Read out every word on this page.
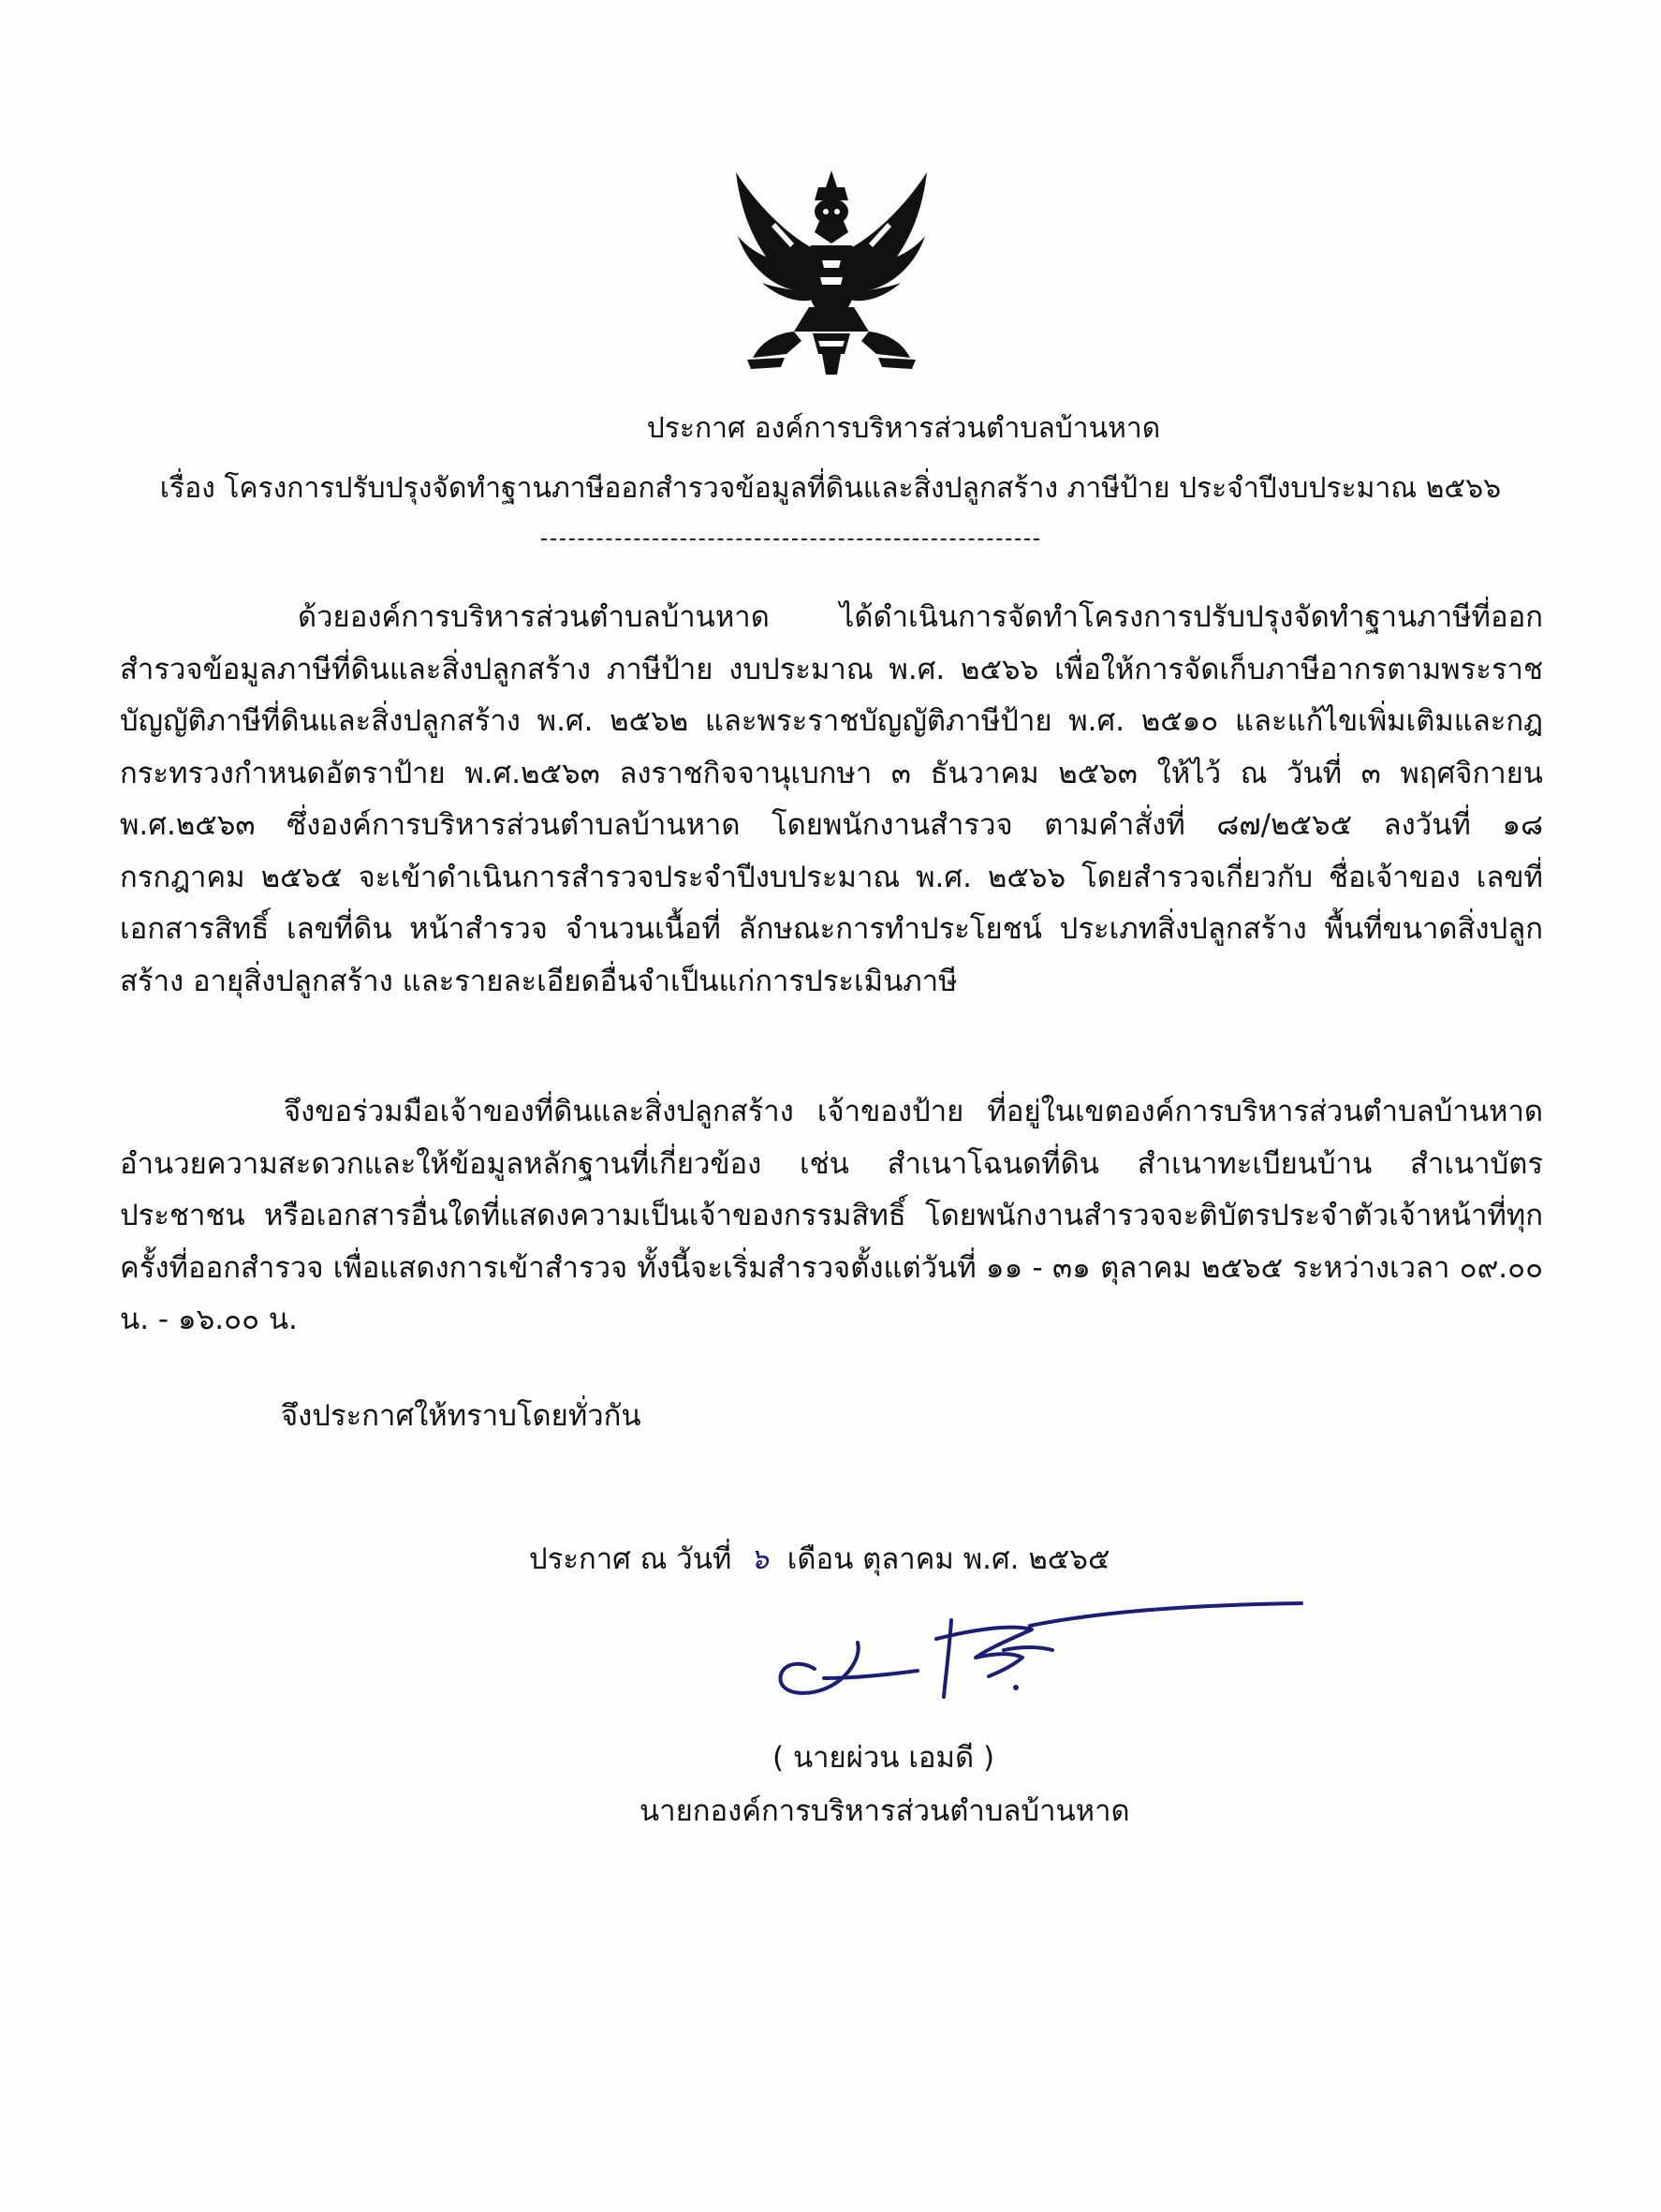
ประกาศ องค์การบริหารส่วนตำบลบ้านหาด
เรื่อง โครงการปรับปรุงจัดทำฐานภาษีออกสำรวจข้อมูลที่ดินและสิ่งปลูกสร้าง ภาษีป้าย ประจำปีงบประมาณ ๒๕๖๖
ด้วยองค์การบริหารส่วนตำบลบ้านหาด ได้ดำเนินการจัดทำโครงการปรับปรุงจัดทำฐานภาษีที่ออกสำรวจข้อมูลภาษีที่ดินและสิ่งปลูกสร้าง ภาษีป้าย งบประมาณ พ.ศ. ๒๕๖๖ เพื่อให้การจัดเก็บภาษีอากรตามพระราชบัญญัติภาษีที่ดินและสิ่งปลูกสร้าง พ.ศ. ๒๕๖๒ และพระราชบัญญัติภาษีป้าย พ.ศ. ๒๕๑๐ และแก้ไขเพิ่มเติมและกฎกระทรวงกำหนดอัตราป้าย พ.ศ.๒๕๖๓ ลงราชกิจจานุเบกษา ๓ ธันวาคม ๒๕๖๓ ให้ไว้ ณ วันที่ ๓ พฤศจิกายน พ.ศ.๒๕๖๓ ซึ่งองค์การบริหารส่วนตำบลบ้านหาด โดยพนักงานสำรวจ ตามคำสั่งที่ ๘๗/๒๕๖๕ ลงวันที่ ๑๘ กรกฎาคม ๒๕๖๕ จะเข้าดำเนินการสำรวจประจำปีงบประมาณ พ.ศ. ๒๕๖๖ โดยสำรวจเกี่ยวกับ ชื่อเจ้าของ เลขที่เอกสารสิทธิ์ เลขที่ดิน หน้าสำรวจ จำนวนเนื้อที่ ลักษณะการทำประโยชน์ ประเภทสิ่งปลูกสร้าง พื้นที่ขนาดสิ่งปลูกสร้าง อายุสิ่งปลูกสร้าง และรายละเอียดอื่นจำเป็นแก่การประเมินภาษี
จึงขอร่วมมือเจ้าของที่ดินและสิ่งปลูกสร้าง เจ้าของป้าย ที่อยู่ในเขตองค์การบริหารส่วนตำบลบ้านหาดอำนวยความสะดวกและให้ข้อมูลหลักฐานที่เกี่ยวข้อง เช่น สำเนาโฉนดที่ดิน สำเนาทะเบียนบ้าน สำเนาบัตรประชาชน หรือเอกสารอื่นใดที่แสดงความเป็นเจ้าของกรรมสิทธิ์ โดยพนักงานสำรวจจะติบัตรประจำตัวเจ้าหน้าที่ทุกครั้งที่ออกสำรวจ เพื่อแสดงการเข้าสำรวจ ทั้งนี้จะเริ่มสำรวจตั้งแต่วันที่ ๑๑ - ๓๑ ตุลาคม ๒๕๖๕ ระหว่างเวลา ๐๙.๐๐ น. - ๑๖.๐๐ น.
จึงประกาศให้ทราบโดยทั่วกัน
ประกาศ ณ วันที่ ๖ เดือน ตุลาคม พ.ศ. ๒๕๖๕
( นายผ่วน เอมดี )
นายกองค์การบริหารส่วนตำบลบ้านหาด
